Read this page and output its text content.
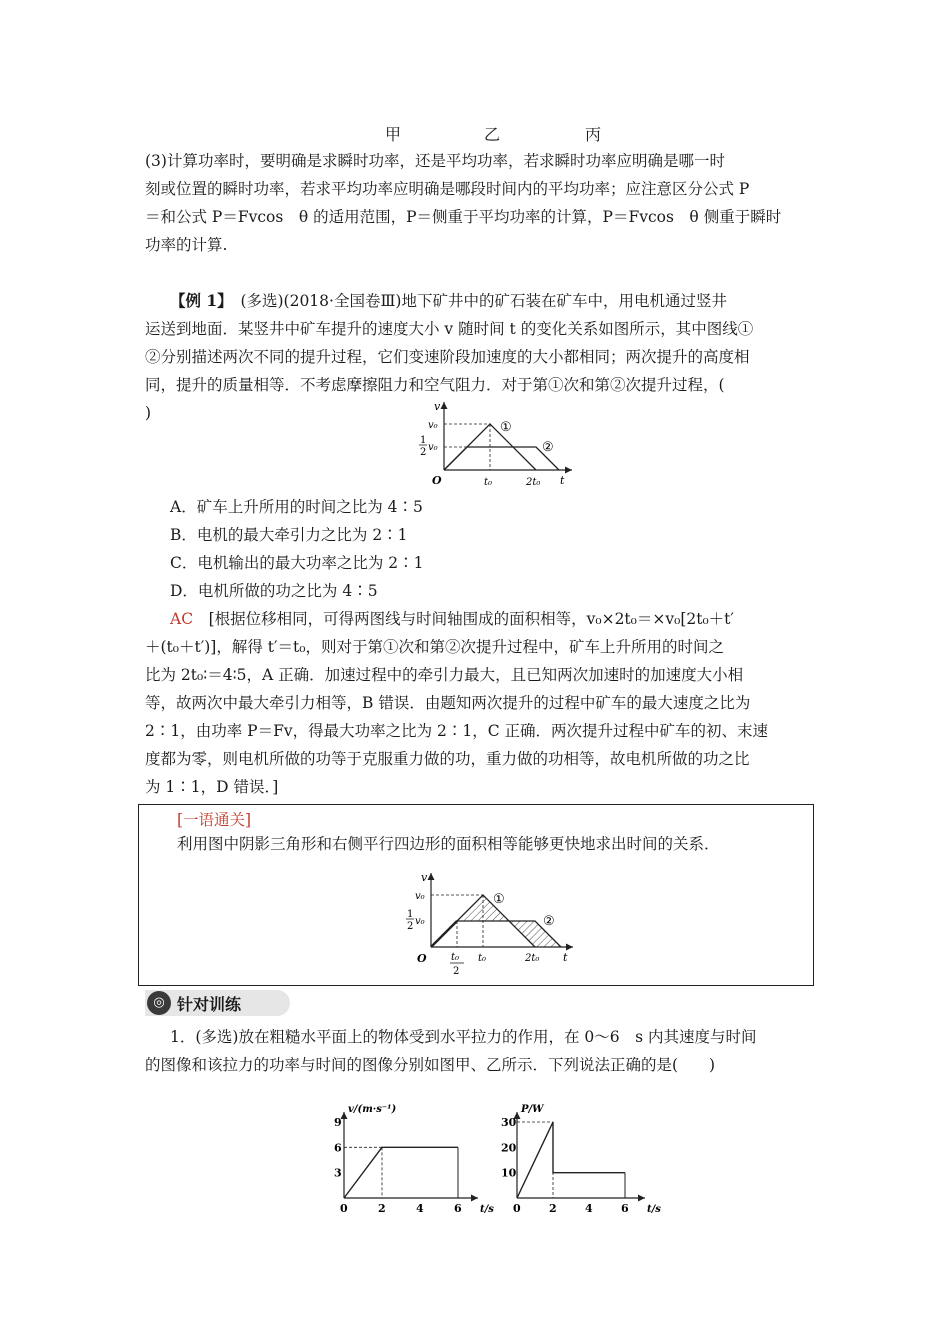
甲	乙	丙
(3)计算功率时，要明确是求瞬时功率，还是平均功率，若求瞬时功率应明确是哪一时
刻或位置的瞬时功率，若求平均功率应明确是哪段时间内的平均功率；应注意区分公式 P
＝和公式 P＝Fvcos　θ 的适用范围，P＝侧重于平均功率的计算，P＝Fvcos　θ 侧重于瞬时
功率的计算.
【例 1】　(多选)(2018·全国卷Ⅲ)地下矿井中的矿石装在矿车中，用电机通过竖井
运送到地面．某竖井中矿车提升的速度大小 v 随时间 t 的变化关系如图所示，其中图线①
②分别描述两次不同的提升过程，它们变速阶段加速度的大小都相同；两次提升的高度相
同，提升的质量相等．不考虑摩擦阻力和空气阻力．对于第①次和第②次提升过程，(
)	v
v₀
1
2 v₀
O	t₀	2t₀ t
①
②
A．矿车上升所用的时间之比为 4∶5
B．电机的最大牵引力之比为 2∶1
C．电机输出的最大功率之比为 2∶1
D．电机所做的功之比为 4∶5
AC　[根据位移相同，可得两图线与时间轴围成的面积相等，v₀×2t₀＝×v₀[2t₀＋t′
＋(t₀＋t′)]，解得 t′＝t₀，则对于第①次和第②次提升过程中，矿车上升所用的时间之
比为 2t₀∶＝4∶5，A 正确．加速过程中的牵引力最大，且已知两次加速时的加速度大小相
等，故两次中最大牵引力相等，B 错误．由题知两次提升的过程中矿车的最大速度之比为
2∶1，由功率 P＝Fv，得最大功率之比为 2∶1，C 正确．两次提升过程中矿车的初、末速
度都为零，则电机所做的功等于克服重力做的功，重力做的功相等，故电机所做的功之比
为 1∶1，D 错误．]
[一语通关]
利用图中阴影三角形和右侧平行四边形的面积相等能够更快地求出时间的关系．
v
v₀
1
2 v₀
O t₀
2
t₀	2t₀ t
①
②
◎ 针对训练
1．(多选)放在粗糙水平面上的物体受到水平拉力的作用，在 0～6　s 内其速度与时间
的图像和该拉力的功率与时间的图像分别如图甲、乙所示．下列说法正确的是(　　)
0	2	4	6
3
6
9
t/s
v/(m·s⁻¹)
0	2	4	6
10
20
30
t/s
P/W
